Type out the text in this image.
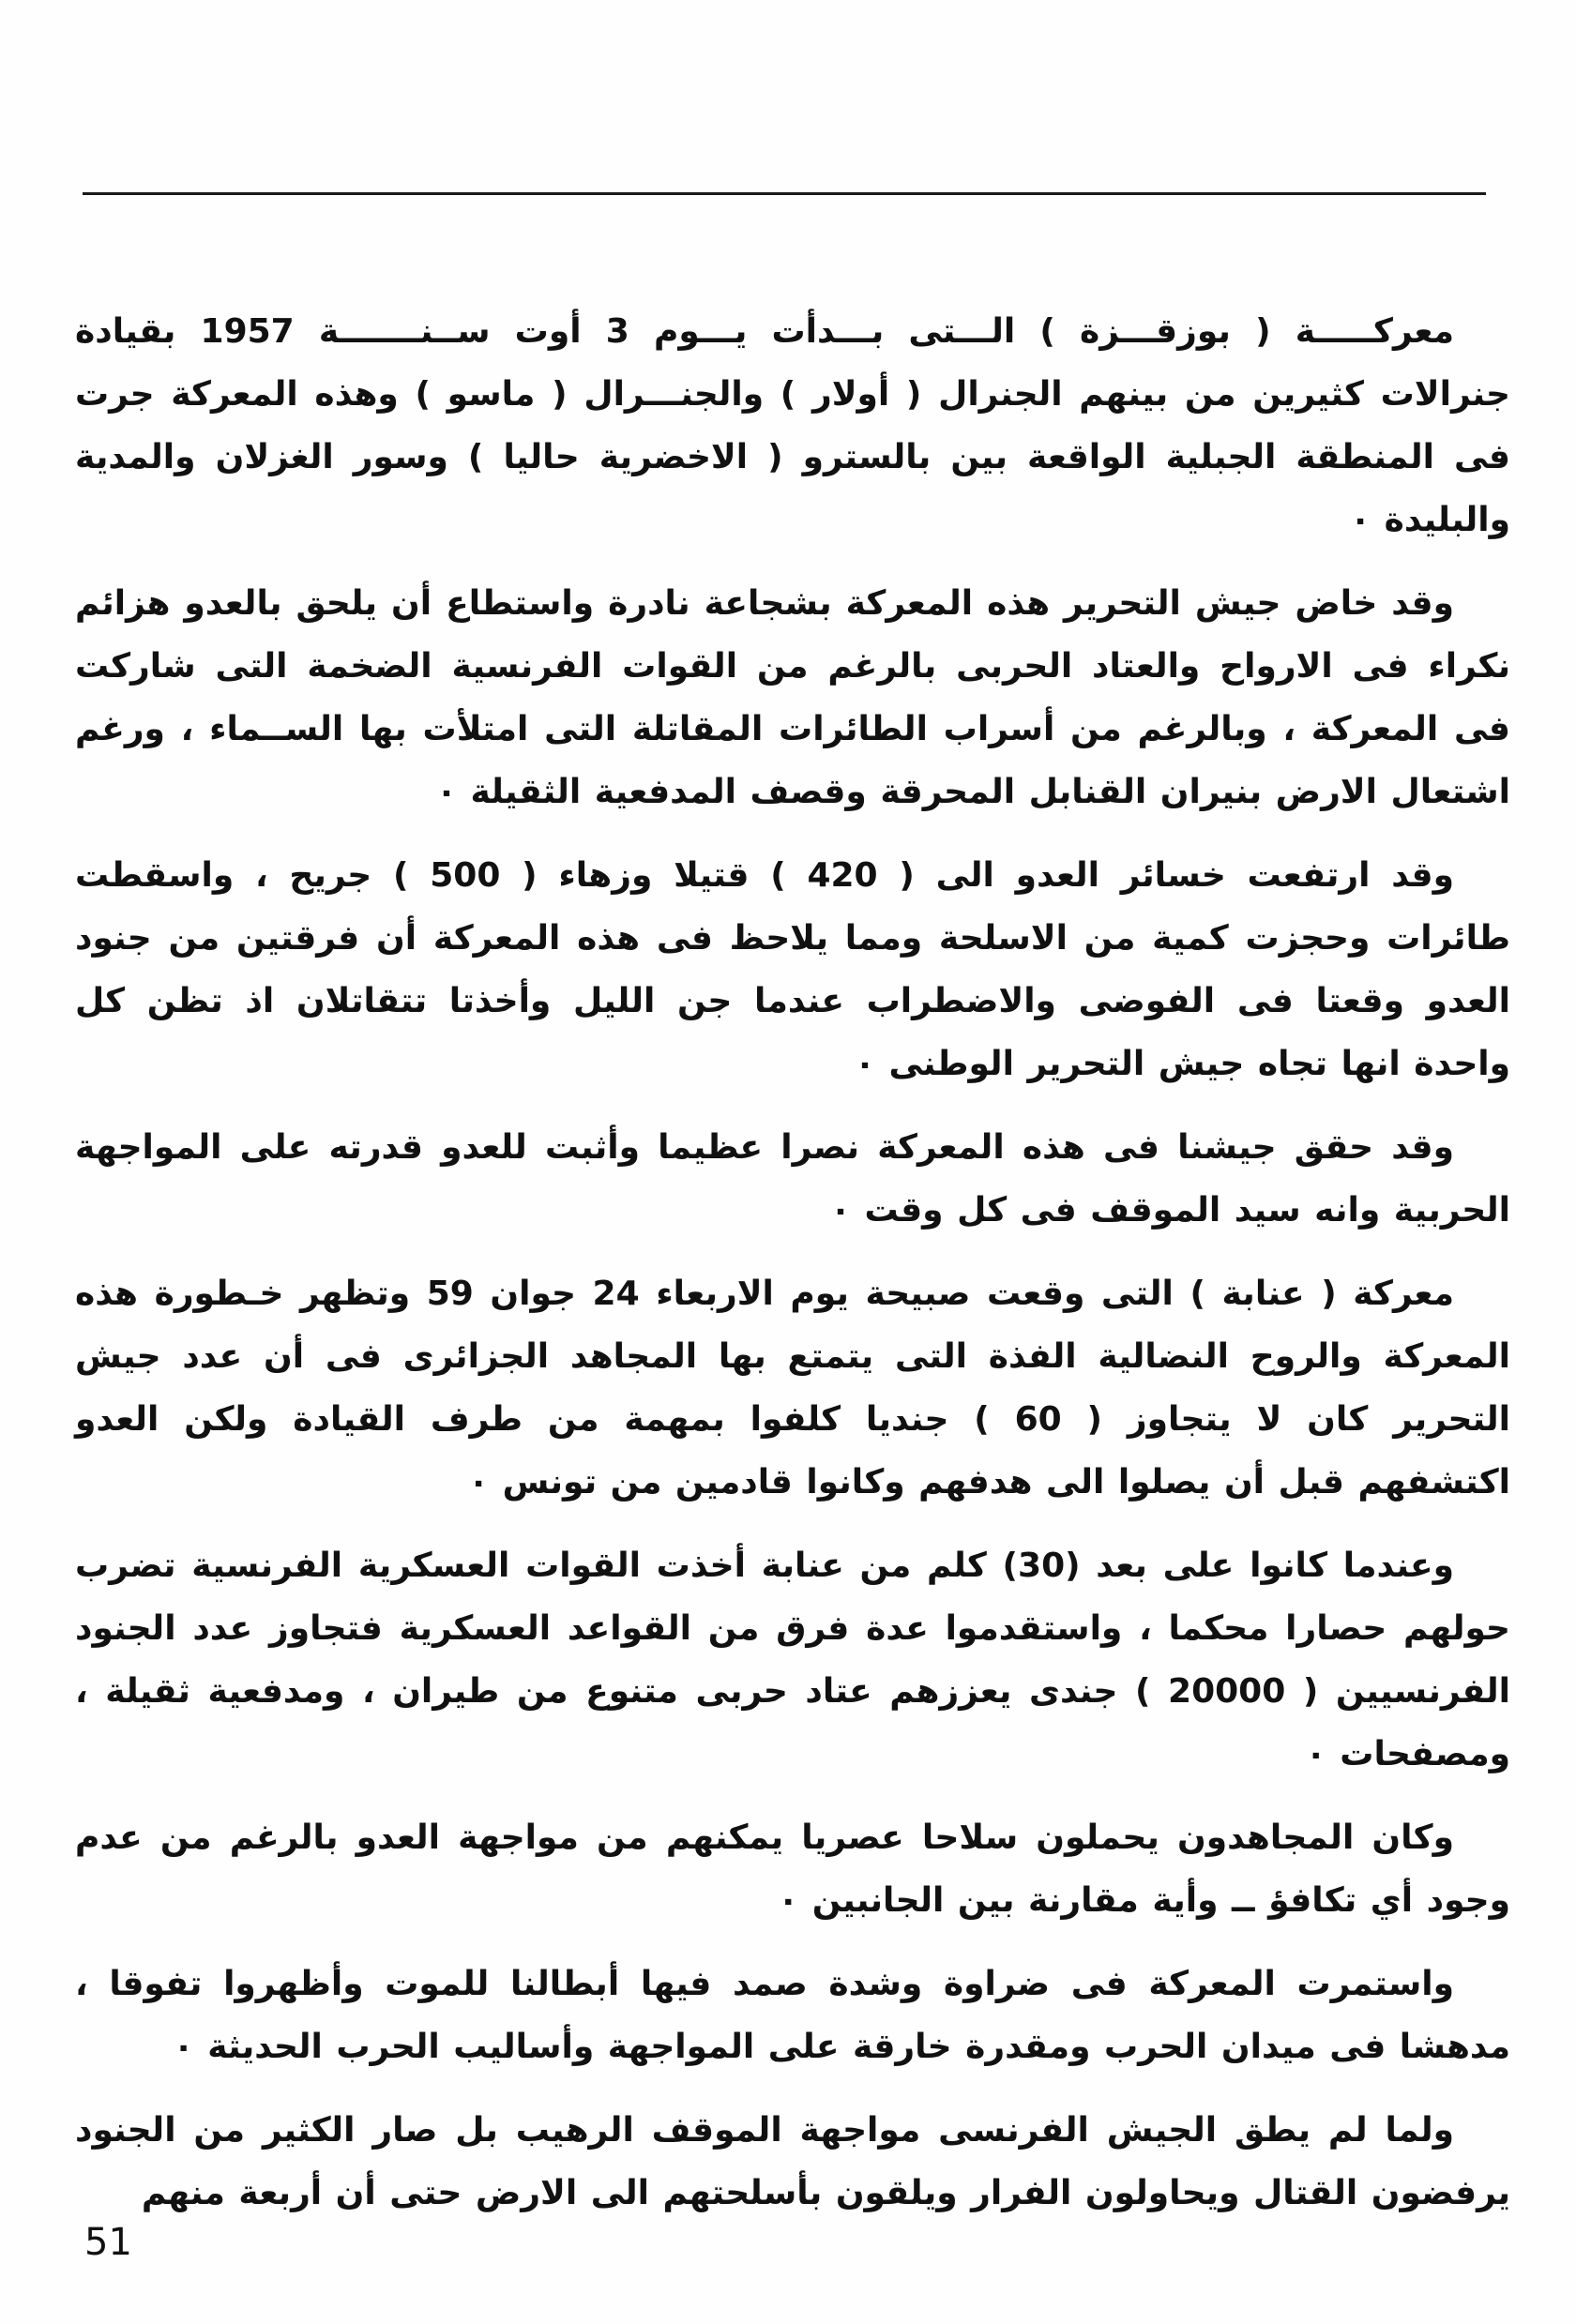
معركـــــة ( بوزقـــزة ) الـــتى بـــدأت يـــوم 3 أوت ســنـــــــة 1957 بقيادة جنرالات كثيرين من بينهم الجنرال ( أولار ) والجنـــرال ( ماسو ) وهذه المعركة جرت فى المنطقة الجبلية الواقعة بين بالسترو ( الاخضرية حاليا ) وسور الغزلان والمدية والبليدة ٠

وقد خاض جيش التحرير هذه المعركة بشجاعة نادرة واستطاع أن يلحق بالعدو هزائم نكراء فى الارواح والعتاد الحربى بالرغم من القوات الفرنسية الضخمة التى شاركت فى المعركة ، وبالرغم من أسراب الطائرات المقاتلة التى امتلأت بها الســماء ، ورغم اشتعال الارض بنيران القنابل المحرقة وقصف المدفعية الثقيلة ٠

وقد ارتفعت خسائر العدو الى ( 420 ) قتيلا وزهاء ( 500 ) جريح ، واسقطت طائرات وحجزت كمية من الاسلحة ومما يلاحظ فى هذه المعركة أن فرقتين من جنود العدو وقعتا فى الفوضى والاضطراب عندما جن الليل وأخذتا تتقاتلان اذ تظن كل واحدة انها تجاه جيش التحرير الوطنى ٠

وقد حقق جيشنا فى هذه المعركة نصرا عظيما وأثبت للعدو قدرته على المواجهة الحربية وانه سيد الموقف فى كل وقت ٠

معركة ( عنابة ) التى وقعت صبيحة يوم الاربعاء 24 جوان 59 وتظهر خـطورة هذه المعركة والروح النضالية الفذة التى يتمتع بها المجاهد الجزائرى فى أن عدد جيش التحرير كان لا يتجاوز ( 60 ) جنديا كلفوا بمهمة من طرف القيادة ولكن العدو اكتشفهم قبل أن يصلوا الى هدفهم وكانوا قادمين من تونس ٠

وعندما كانوا على بعد (30) كلم من عنابة أخذت القوات العسكرية الفرنسية تضرب حولهم حصارا محكما ، واستقدموا عدة فرق من القواعد العسكرية فتجاوز عدد الجنود الفرنسيين ( 20000 ) جندى يعززهم عتاد حربى متنوع من طيران ، ومدفعية ثقيلة ، ومصفحات ٠

وكان المجاهدون يحملون سلاحا عصريا يمكنهم من مواجهة العدو بالرغم من عدم وجود أي تكافؤ ــ وأية مقارنة بين الجانبين ٠

واستمرت المعركة فى ضراوة وشدة صمد فيها أبطالنا للموت وأظهروا تفوقا ، مدهشا فى ميدان الحرب ومقدرة خارقة على المواجهة وأساليب الحرب الحديثة ٠

ولما لم يطق الجيش الفرنسى مواجهة الموقف الرهيب بل صار الكثير من الجنود يرفضون القتال ويحاولون الفرار ويلقون بأسلحتهم الى الارض حتى أن أربعة منهم

51
